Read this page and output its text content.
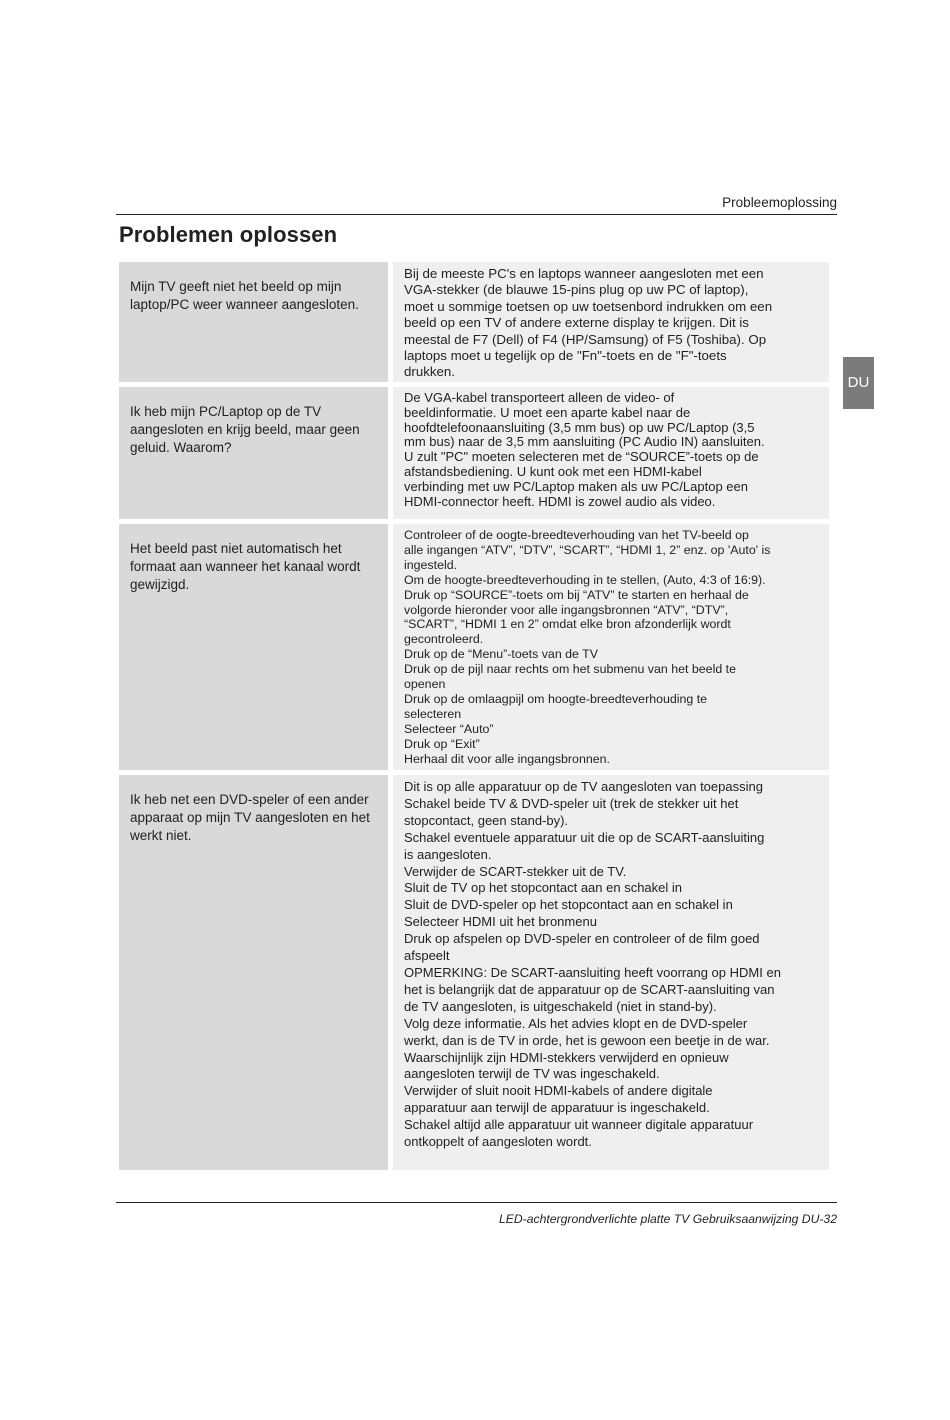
Probleemoplossing
Problemen oplossen
DU
Mijn TV geeft niet het beeld op mijn laptop/PC weer wanneer aangesloten.
Bij de meeste PC's en laptops wanneer aangesloten met een
VGA-stekker (de blauwe 15-pins plug op uw PC of laptop),
moet u sommige toetsen op uw toetsenbord indrukken om een
beeld op een TV of andere externe display te krijgen. Dit is
meestal de F7 (Dell) of F4 (HP/Samsung) of F5 (Toshiba). Op
laptops moet u tegelijk op de "Fn"-toets en de "F"-toets
drukken.
Ik heb mijn PC/Laptop op de TV aangesloten en krijg beeld, maar geen geluid. Waarom?
De VGA-kabel transporteert alleen de video- of
beeldinformatie. U moet een aparte kabel naar de
hoofdtelefoonaansluiting (3,5 mm bus) op uw PC/Laptop (3,5
mm bus) naar de 3,5 mm aansluiting (PC Audio IN) aansluiten.
U zult "PC" moeten selecteren met de “SOURCE”-toets op de
afstandsbediening. U kunt ook met een HDMI-kabel
verbinding met uw PC/Laptop maken als uw PC/Laptop een
HDMI-connector heeft. HDMI is zowel audio als video.
Het beeld past niet automatisch het formaat aan wanneer het kanaal wordt gewijzigd.
Controleer of de oogte-breedteverhouding van het TV-beeld op
alle ingangen “ATV”, “DTV”, “SCART”, “HDMI 1, 2” enz. op 'Auto' is
ingesteld.
Om de hoogte-breedteverhouding in te stellen, (Auto, 4:3 of 16:9).
Druk op “SOURCE”-toets om bij “ATV” te starten en herhaal de
volgorde hieronder voor alle ingangsbronnen “ATV”, “DTV”,
“SCART”, “HDMI 1 en 2” omdat elke bron afzonderlijk wordt
gecontroleerd.
Druk op de “Menu”-toets van de TV
Druk op de pijl naar rechts om het submenu van het beeld te
openen
Druk op de omlaagpijl om hoogte-breedteverhouding te
selecteren
Selecteer “Auto”
Druk op “Exit”
Herhaal dit voor alle ingangsbronnen.
Ik heb net een DVD-speler of een ander apparaat op mijn TV aangesloten en het werkt niet.
Dit is op alle apparatuur op de TV aangesloten van toepassing
Schakel beide TV & DVD-speler uit (trek de stekker uit het
stopcontact, geen stand-by).
Schakel eventuele apparatuur uit die op de SCART-aansluiting
is aangesloten.
Verwijder de SCART-stekker uit de TV.
Sluit de TV op het stopcontact aan en schakel in
Sluit de DVD-speler op het stopcontact aan en schakel in
Selecteer HDMI uit het bronmenu
Druk op afspelen op DVD-speler en controleer of de film goed
afspeelt
OPMERKING: De SCART-aansluiting heeft voorrang op HDMI en
het is belangrijk dat de apparatuur op de SCART-aansluiting van
de TV aangesloten, is uitgeschakeld (niet in stand-by).
Volg deze informatie. Als het advies klopt en de DVD-speler
werkt, dan is de TV in orde, het is gewoon een beetje in de war.
Waarschijnlijk zijn HDMI-stekkers verwijderd en opnieuw
aangesloten terwijl de TV was ingeschakeld.
Verwijder of sluit nooit HDMI-kabels of andere digitale
apparatuur aan terwijl de apparatuur is ingeschakeld.
Schakel altijd alle apparatuur uit wanneer digitale apparatuur
ontkoppelt of aangesloten wordt.
LED-achtergrondverlichte platte TV Gebruiksaanwijzing DU-32
